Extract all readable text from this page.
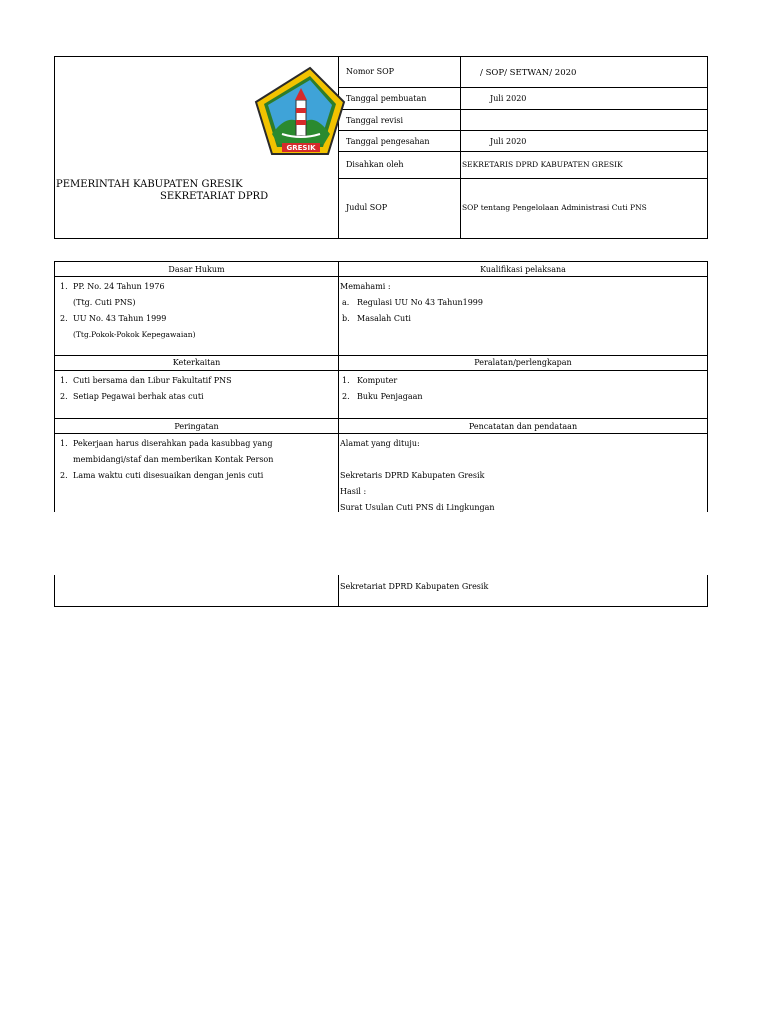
Nomor SOP
Tanggal pembuatan
Tanggal revisi
Tanggal pengesahan
Disahkan oleh
Judul SOP
/ SOP/ SETWAN/ 2020
Juli 2020
Juli 2020
SEKRETARIS DPRD KABUPATEN GRESIK
SOP tentang Pengelolaan Administrasi Cuti PNS
GRESIK
PEMERINTAH KABUPATEN GRESIK
SEKRETARIAT DPRD
Dasar Hukum
1. PP. No. 24 Tahun 1976
(Ttg. Cuti PNS)
2. UU No. 43 Tahun 1999
(Ttg.Pokok-Pokok Kepegawaian)
Kualifikasi pelaksana
Memahami :
a. Regulasi UU No 43 Tahun1999
b. Masalah Cuti
Keterkaitan
1. Cuti bersama dan Libur Fakultatif PNS
2. Setiap Pegawai berhak atas cuti
Peralatan/perlengkapan
1. Komputer
2. Buku Penjagaan
Peringatan
1. Pekerjaan harus diserahkan pada kasubbag yang
membidangi/staf dan memberikan Kontak Person
2. Lama waktu cuti disesuaikan dengan jenis cuti
Pencatatan dan pendataan
Alamat yang dituju:
Sekretaris DPRD Kabupaten Gresik
Hasil :
Surat Usulan Cuti PNS di Lingkungan
Sekretariat DPRD Kabupaten Gresik
